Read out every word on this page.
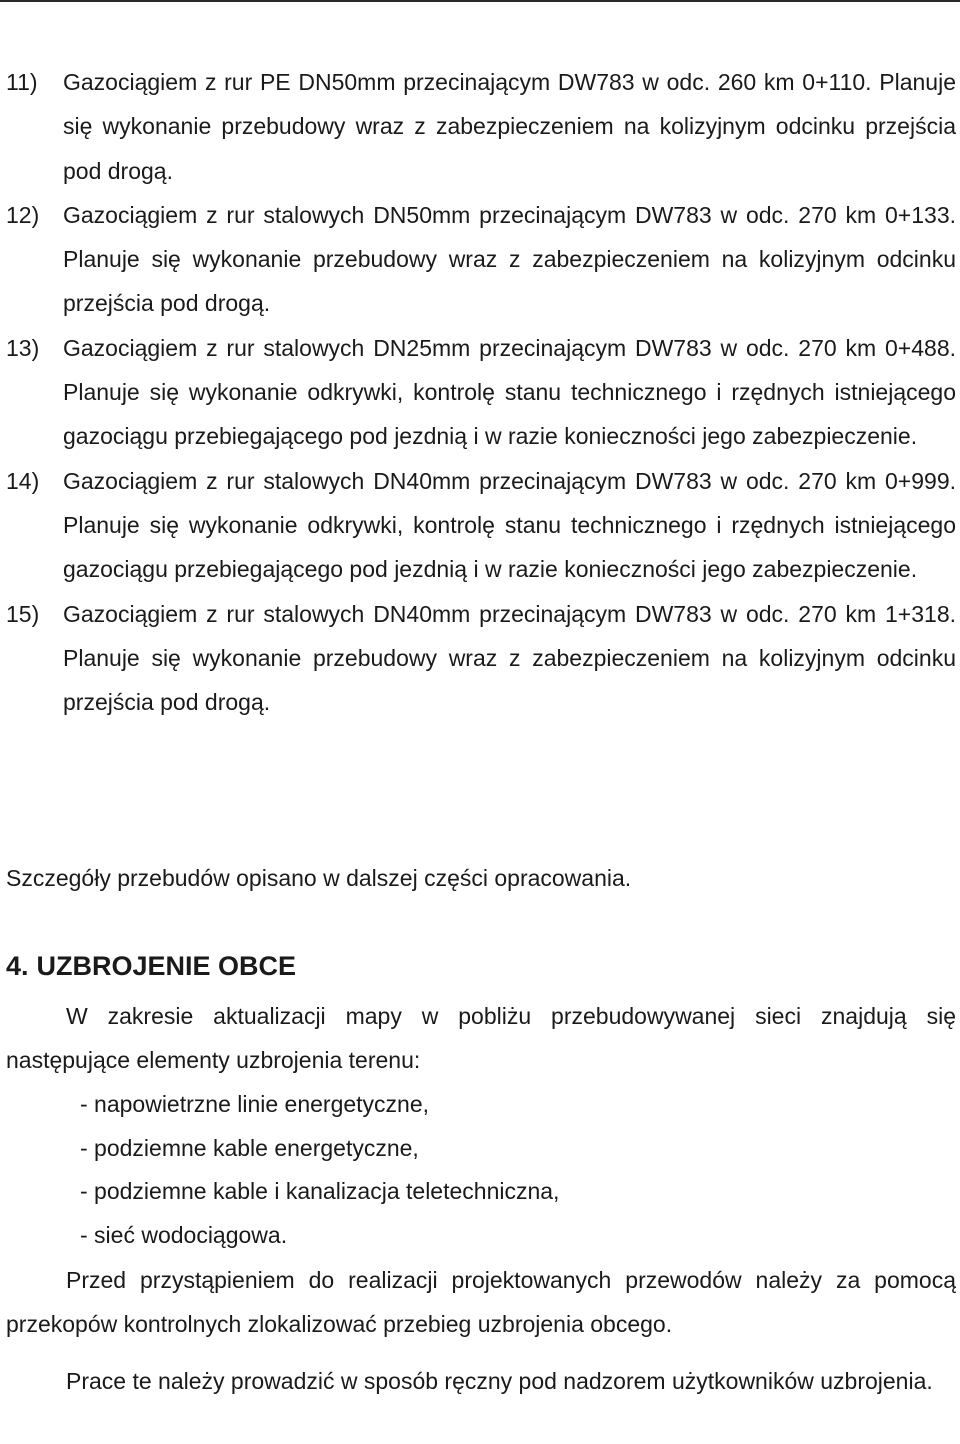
11) Gazociągiem z rur PE DN50mm przecinającym DW783 w odc. 260 km 0+110. Planuje się wykonanie przebudowy wraz z zabezpieczeniem na kolizyjnym odcinku przejścia pod drogą.
12) Gazociągiem z rur stalowych DN50mm przecinającym DW783 w odc. 270 km 0+133. Planuje się wykonanie przebudowy wraz z zabezpieczeniem na kolizyjnym odcinku przejścia pod drogą.
13) Gazociągiem z rur stalowych DN25mm przecinającym DW783 w odc. 270 km 0+488. Planuje się wykonanie odkrywki, kontrolę stanu technicznego i rzędnych istniejącego gazociągu przebiegającego pod jezdnią i w razie konieczności jego zabezpieczenie.
14) Gazociągiem z rur stalowych DN40mm przecinającym DW783 w odc. 270 km 0+999. Planuje się wykonanie odkrywki, kontrolę stanu technicznego i rzędnych istniejącego gazociągu przebiegającego pod jezdnią i w razie konieczności jego zabezpieczenie.
15) Gazociągiem z rur stalowych DN40mm przecinającym DW783 w odc. 270 km 1+318. Planuje się wykonanie przebudowy wraz z zabezpieczeniem na kolizyjnym odcinku przejścia pod drogą.
Szczegóły przebudów opisano w dalszej części opracowania.
4. UZBROJENIE OBCE
W zakresie aktualizacji mapy w pobliżu przebudowywanej sieci znajdują się następujące elementy uzbrojenia terenu:
- napowietrzne linie energetyczne,
- podziemne kable energetyczne,
- podziemne kable i kanalizacja teletechniczna,
- sieć wodociągowa.
Przed przystąpieniem do realizacji projektowanych przewodów należy za pomocą przekopów kontrolnych zlokalizować przebieg uzbrojenia obcego.
Prace te należy prowadzić w sposób ręczny pod nadzorem użytkowników uzbrojenia.
